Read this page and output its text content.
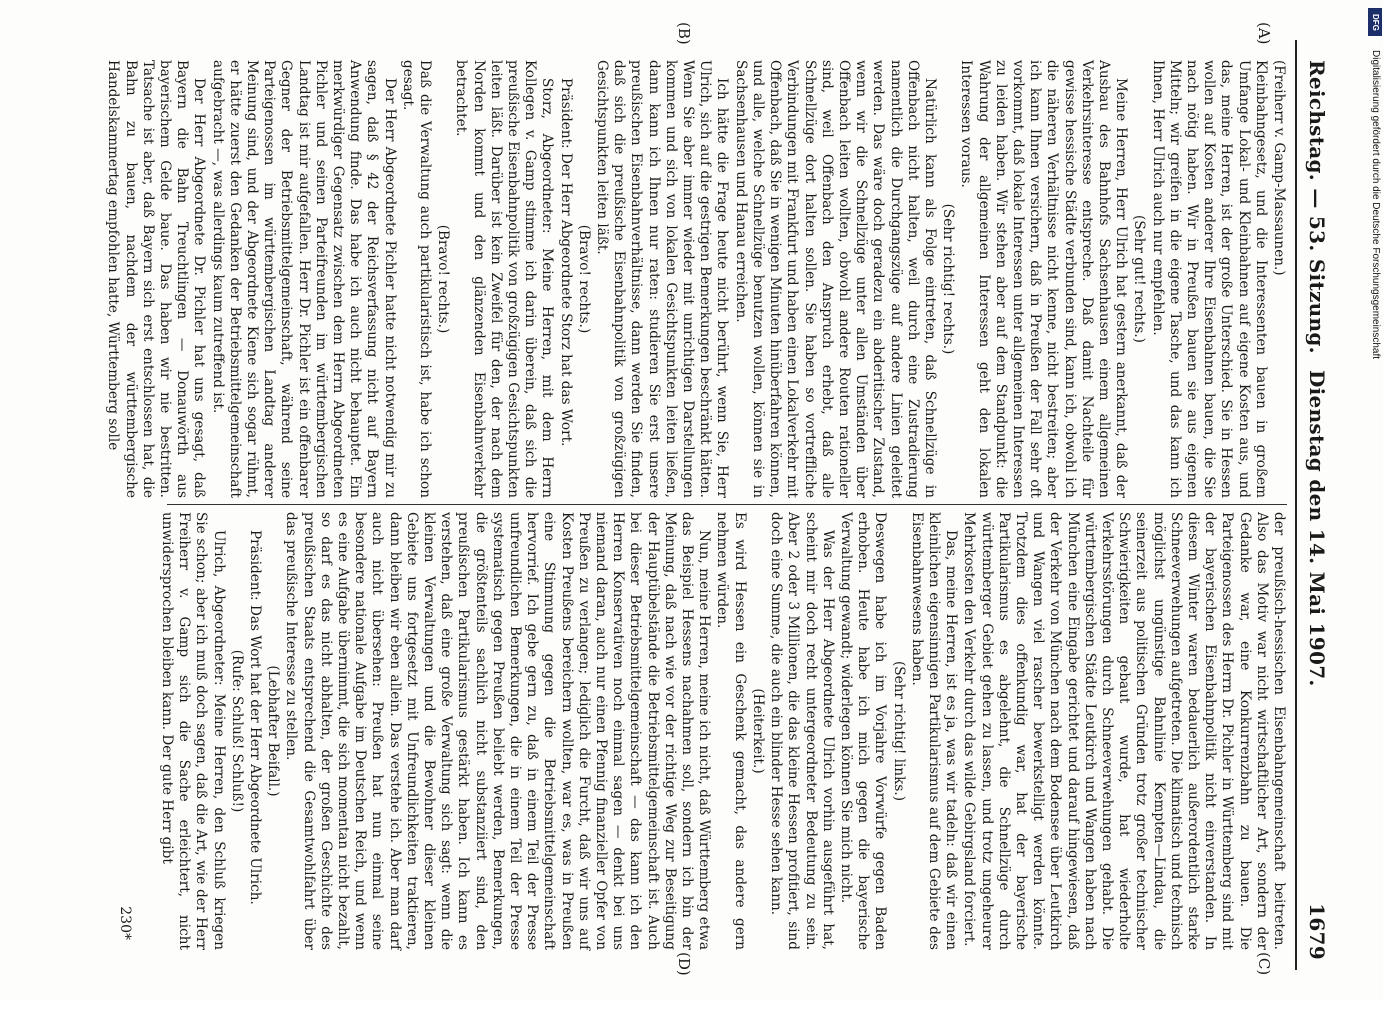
Reichstag. — 53. Sitzung.
Dienstag den 14. Mai 1907.
1679

(Freiherr v. Gamp-Massaunen.)

Kleinbahngesetz, und die Interessenten bauen in großem Umfange Lokal- und Kleinbahnen auf eigene Kosten aus, und das, meine Herren, ist der große Unterschied. Sie in Hessen wollen auf Kosten anderer Ihre Eisenbahnen bauen, die Sie nach nötig haben. Wir in Preußen bauen sie aus eigenen Mitteln; wir greifen in die eigene Tasche, und das kann ich Ihnen, Herr Ulrich auch nur empfehlen.

(Sehr gut! rechts.)

Meine Herren, Herr Ulrich hat gestern anerkannt, daß der Ausbau des Bahnhofs Sachsenhausen einem allgemeinen Verkehrsinteresse entspreche. Daß damit Nachteile für gewisse hessische Städte verbunden sind, kann ich, obwohl ich die näheren Verhältnisse nicht kenne, nicht bestreiten; aber ich kann Ihnen versichern, daß in Preußen der Fall sehr oft vorkommt, daß lokale Interessen unter allgemeinen Interessen zu leiden haben. Wir stehen aber auf dem Standpunkt: die Wahrung der allgemeinen Interessen geht den lokalen Interessen voraus.

(Sehr richtig! rechts.)

Natürlich kann als Folge eintreten, daß Schnellzüge in Offenbach nicht halten, weil durch eine Zustradierung namentlich die Durchgangszüge auf andere Linien geleitet werden. Das wäre doch geradezu ein abderitischer Zustand, wenn wir die Schnellzüge unter allen Umständen über Offenbach leiten wollten, obwohl andere Routen rationeller sind, weil Offenbach den Anspruch erhebt, daß alle Schnellzüge dort halten sollen. Sie haben so vortreffliche Verbindungen mit Frankfurt und haben einen Lokalverkehr mit Offenbach, daß Sie in wenigen Minuten hinüberfahren können, und alle, welche Schnellzüge benutzen wollen, können sie in Sachsenhausen und Hanau erreichen.

Ich hätte die Frage heute nicht berührt, wenn Sie, Herr Ulrich, sich auf die gestrigen Bemerkungen beschränkt hätten. Wenn Sie aber immer wieder mit unrichtigen Darstellungen kommen und sich von lokalen Gesichtspunkten leiten ließen, dann kann ich Ihnen nur raten: studieren Sie erst unsere preußischen Eisenbahnverhältnisse, dann werden Sie finden, daß sich die preußische Eisenbahnpolitik von großzügigen Gesichtspunkten leiten läßt.

(Bravo! rechts.)

Präsident: Der Herr Abgeordnete Storz hat das Wort.

Storz, Abgeordneter: Meine Herren, mit dem Herrn Kollegen v. Gamp stimme ich darin überein, daß sich die preußische Eisenbahnpolitik von großzügigen Gesichtspunkten leiten läßt. Darüber ist kein Zweifel für den, der nach dem Norden kommt und den glänzenden Eisenbahnverkehr betrachtet.

(Bravo! rechts.)

Daß die Verwaltung auch partikularistisch ist, habe ich schon gesagt.

Der Herr Abgeordnete Pichler hatte nicht notwendig mir zu sagen, daß § 42 der Reichsverfassung nicht auf Bayern Anwendung finde. Das habe ich auch nicht behauptet. Ein merkwürdiger Gegensatz zwischen dem Herrn Abgeordneten Pichler und seinen Parteifreunden im württembergischen Landtag ist mir aufgefallen. Herr Dr. Pichler ist ein offenbarer Gegner der Betriebsmittelgemeinschaft, während seine Parteigenossen im württembergischen Landtag anderer Meinung sind, und der Abgeordnete Kiene sich sogar rühmt, er hätte zuerst den Gedanken der Betriebsmittelgemeinschaft aufgebracht —, was allerdings kaum zutreffend ist.

Der Herr Abgeordnete Dr. Pichler hat uns gesagt, daß Bayern die Bahn Treuchtlingen — Donauwörth aus bayerischem Gelde baue. Das haben wir nie bestritten. Tatsache ist aber, daß Bayern sich erst entschlossen hat, die Bahn zu bauen, nachdem der württembergische Handelskammertag empfohlen hatte, Württemberg solle

der preußisch-hessischen Eisenbahngemeinschaft beitreten. Also das Motiv war nicht wirtschaftlicher Art, sondern der Gedanke war, eine Konkurrenzbahn zu bauen. Die Parteigenossen des Herrn Dr. Pichler in Württemberg sind mit der bayerischen Eisenbahnpolitik nicht einverstanden. In diesem Winter waren bedauerlich außerordentlich starke Schneeverwehungen aufgetreten. Die klimatisch und technisch möglichst ungünstige Bahnlinie Kempten—Lindau, die seinerzeit aus politischen Gründen trotz großer technischer Schwierigkeiten gebaut wurde, hat wiederholte Verkehrsstörungen durch Schneeverwehungen gehabt. Die württembergischen Städte Leutkirch und Wangen haben nach München eine Eingabe gerichtet und darauf hingewiesen, daß der Verkehr von München nach dem Bodensee über Leutkirch und Wangen viel rascher bewerkstelligt werden könnte. Trotzdem dies offenkundig war, hat der bayerische Partikularismus es abgelehnt, die Schnellzüge durch württemberger Gebiet gehen zu lassen, und trotz ungeheurer Mehrkosten den Verkehr durch das wilde Gebirgsland forciert.

Das, meine Herren, ist es ja, was wir tadeln: daß wir einen kleinlichen eigensinnigen Partikularismus auf dem Gebiete des Eisenbahnwesens haben.

(Sehr richtig! links.)

Deswegen habe ich im Vorjahre Vorwürfe gegen Baden erhoben. Heute habe ich mich gegen die bayerische Verwaltung gewandt; widerlegen können Sie mich nicht.

Was der Herr Abgeordnete Ulrich vorhin ausgeführt hat, scheint mir doch recht untergeordneter Bedeutung zu sein. Aber 2 oder 3 Millionen, die das kleine Hessen profitiert, sind doch eine Summe, die auch ein blinder Hesse sehen kann.

(Heiterkeit.)

Es wird Hessen ein Geschenk gemacht, das andere gern nehmen würden.

Nun, meine Herren, meine ich nicht, daß Württemberg etwa das Beispiel Hessens nachahmen soll, sondern ich bin der Meinung, daß nach wie vor der richtige Weg zur Beseitigung der Hauptübelstände die Betriebsmittelgemeinschaft ist. Auch bei dieser Betriebsmittelgemeinschaft — das kann ich den Herren Konservativen noch einmal sagen — denkt bei uns niemand daran, auch nur einen Pfennig finanzieller Opfer von Preußen zu verlangen; lediglich die Furcht, daß wir uns auf Kosten Preußens bereichern wollten, war es, was in Preußen eine Stimmung gegen die Betriebsmittelgemeinschaft hervorrief. Ich gebe gern zu, daß in einem Teil der Presse unfreundlichen Bemerkungen, die in einem Teil der Presse systematisch gegen Preußen beliebt werden, Bemerkungen, die größtenteils sachlich nicht substanziiert sind, den preußischen Partikularismus gestärkt haben. Ich kann es verstehen, daß eine große Verwaltung sich sagt: wenn die kleinen Verwaltungen und die Bewohner dieser kleinen Gebiete uns fortgesetzt mit Unfreundlichkeiten traktieren, dann bleiben wir eben allein. Das verstehe ich. Aber man darf auch nicht übersehen: Preußen hat nun einmal seine besondere nationale Aufgabe im Deutschen Reich, und wenn es eine Aufgabe übernimmt, die sich momentan nicht bezahlt, so darf es das nicht abhalten, der großen Geschichte des preußischen Staats entsprechend die Gesamtwohlfahrt über das preußische Interesse zu stellen.

(Lebhafter Beifall.)

Präsident: Das Wort hat der Herr Abgeordnete Ulrich.

(Rufe: Schluß! Schluß!)

Ulrich, Abgeordneter: Meine Herren, den Schluß kriegen Sie schon; aber ich muß doch sagen, daß die Art, wie der Herr Freiherr v. Gamp sich die Sache erleichtert, nicht unwidersprochen bleiben kann. Der gute Herr gibt

(A)
(B)
(C)
(D)
230*
DFG
Digitalisierung gefördert durch die Deutsche Forschungsgemeinschaft
